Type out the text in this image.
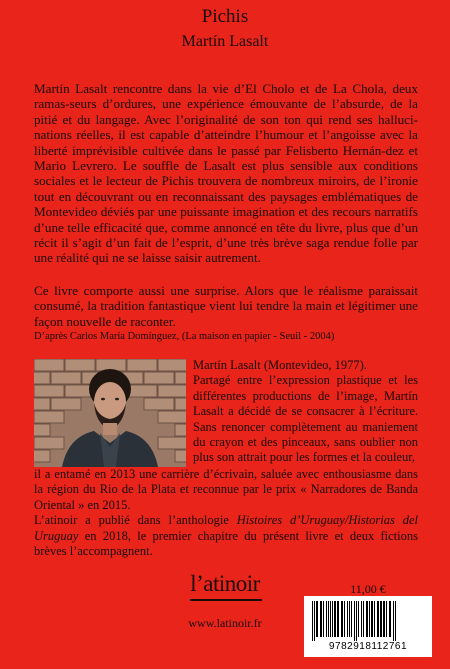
Pichis
Martín Lasalt
Martín Lasalt rencontre dans la vie d’El Cholo et de La Chola, deux ramas-seurs d’ordures, une expérience émouvante de l’absurde, de la pitié et du langage. Avec l’originalité de son ton qui rend ses halluci-nations réelles, il est capable d’atteindre l’humour et l’angoisse avec la liberté imprévisible cultivée dans le passé par Felisberto Hernán-dez et Mario Levrero. Le souffle de Lasalt est plus sensible aux conditions sociales et le lecteur de Pichis trouvera de nombreux miroirs, de l’ironie tout en découvrant ou en reconnaissant des paysages emblématiques de Montevideo déviés par une puissante imagination et des recours narratifs d’une telle efficacité que, comme annoncé en tête du livre, plus que d’un récit il s’agit d’un fait de l’esprit, d’une très brève saga rendue folle par une réalité qui ne se laisse saisir autrement.
Ce livre comporte aussi une surprise. Alors que le réalisme paraissait consumé, la tradition fantastique vient lui tendre la main et légitimer une façon nouvelle de raconter.
D’après Carlos María Domínguez, (La maison en papier - Seuil - 2004)

Martín Lasalt (Montevideo, 1977).

Partagé entre l’expression plastique et les différentes productions de l’image, Martín Lasalt a décidé de se consacrer à l’écriture. Sans renoncer complètement au maniement du crayon et des pinceaux, sans oublier non plus son attrait pour les formes et la couleur,

il a entamé en 2013 une carrière d’écrivain, saluée avec enthousiasme dans la région du Rio de la Plata et reconnue par le prix « Narradores de Banda Oriental » en 2015.

L’atinoir a publié dans l’anthologie Histoires d’Uruguay/Historias del Uruguay en 2018, le premier chapitre du présent livre et deux fictions brèves l’accompagnent.

l’atinoir
www.latinoir.fr
11,00 €
9782918112761
